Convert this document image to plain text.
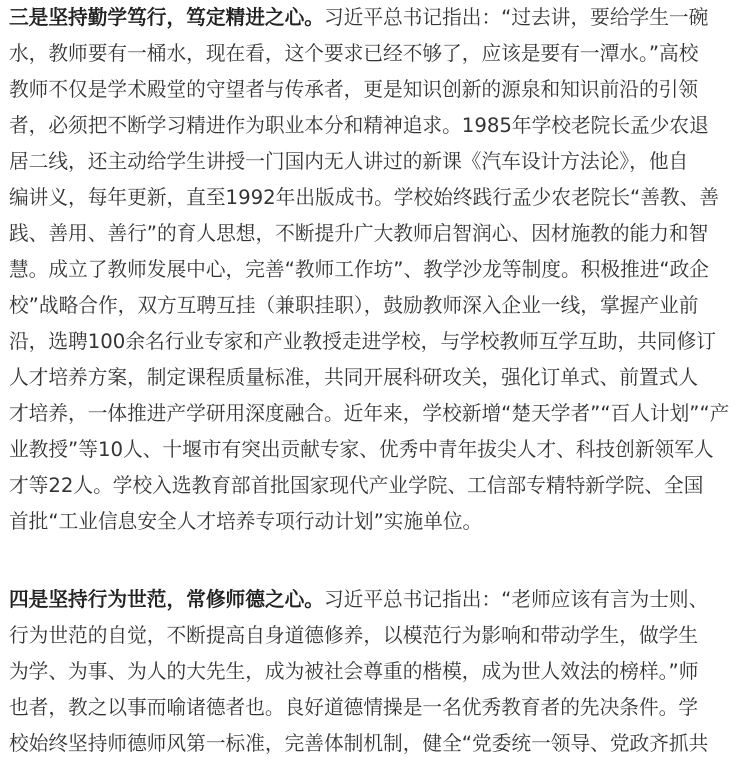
三是坚持勤学笃行，笃定精进之心。习近平总书记指出：“过去讲，要给学生一碗
水，教师要有一桶水，现在看，这个要求已经不够了，应该是要有一潭水。”高校
教师不仅是学术殿堂的守望者与传承者，更是知识创新的源泉和知识前沿的引领
者，必须把不断学习精进作为职业本分和精神追求。1985年学校老院长孟少农退
居二线，还主动给学生讲授一门国内无人讲过的新课《汽车设计方法论》，他自
编讲义，每年更新，直至1992年出版成书。学校始终践行孟少农老院长“善教、善
践、善用、善行”的育人思想，不断提升广大教师启智润心、因材施教的能力和智
慧。成立了教师发展中心，完善“教师工作坊”、教学沙龙等制度。积极推进“政企
校”战略合作，双方互聘互挂（兼职挂职），鼓励教师深入企业一线，掌握产业前
沿，选聘100余名行业专家和产业教授走进学校，与学校教师互学互助，共同修订
人才培养方案，制定课程质量标准，共同开展科研攻关，强化订单式、前置式人
才培养，一体推进产学研用深度融合。近年来，学校新增“楚天学者”“百人计划”“产
业教授”等10人、十堰市有突出贡献专家、优秀中青年拔尖人才、科技创新领军人
才等22人。学校入选教育部首批国家现代产业学院、工信部专精特新学院、全国
首批“工业信息安全人才培养专项行动计划”实施单位。
四是坚持行为世范，常修师德之心。习近平总书记指出：“老师应该有言为士则、
行为世范的自觉，不断提高自身道德修养，以模范行为影响和带动学生，做学生
为学、为事、为人的大先生，成为被社会尊重的楷模，成为世人效法的榜样。”师
也者，教之以事而喻诸德者也。良好道德情操是一名优秀教育者的先决条件。学
校始终坚持师德师风第一标准，完善体制机制，健全“党委统一领导、党政齐抓共
